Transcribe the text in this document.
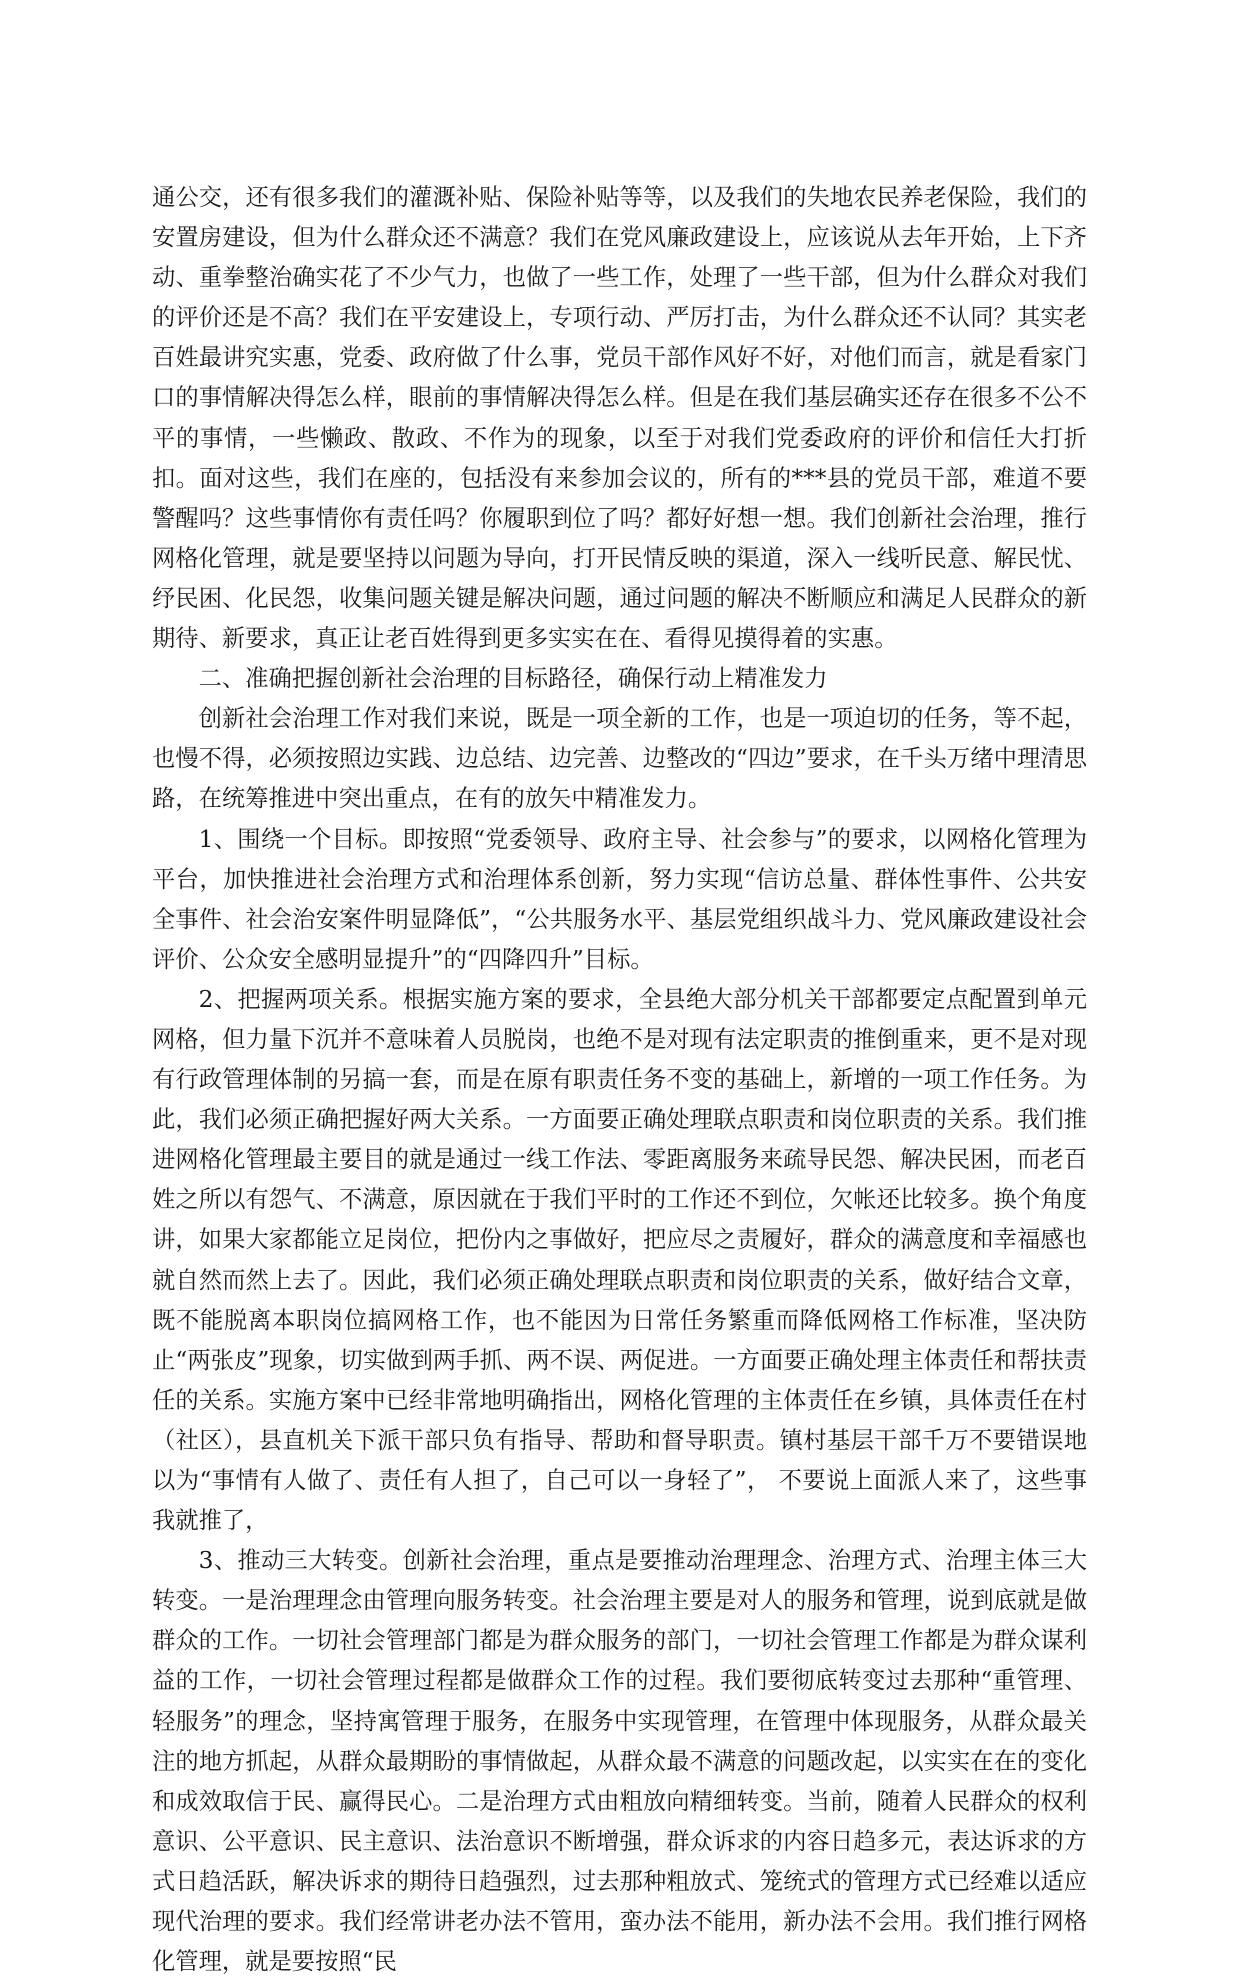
通公交，还有很多我们的灌溉补贴、保险补贴等等，以及我们的失地农民养老保险，我们的安置房建设，但为什么群众还不满意？我们在党风廉政建设上，应该说从去年开始，上下齐动、重拳整治确实花了不少气力，也做了一些工作，处理了一些干部，但为什么群众对我们的评价还是不高？我们在平安建设上，专项行动、严厉打击，为什么群众还不认同？其实老百姓最讲究实惠，党委、政府做了什么事，党员干部作风好不好，对他们而言，就是看家门口的事情解决得怎么样，眼前的事情解决得怎么样。但是在我们基层确实还存在很多不公不平的事情，一些懒政、散政、不作为的现象，以至于对我们党委政府的评价和信任大打折扣。面对这些，我们在座的，包括没有来参加会议的，所有的***县的党员干部，难道不要警醒吗？这些事情你有责任吗？你履职到位了吗？都好好想一想。我们创新社会治理，推行网格化管理，就是要坚持以问题为导向，打开民情反映的渠道，深入一线听民意、解民忧、纾民困、化民怨，收集问题关键是解决问题，通过问题的解决不断顺应和满足人民群众的新期待、新要求，真正让老百姓得到更多实实在在、看得见摸得着的实惠。

二、准确把握创新社会治理的目标路径，确保行动上精准发力

创新社会治理工作对我们来说，既是一项全新的工作，也是一项迫切的任务，等不起，也慢不得，必须按照边实践、边总结、边完善、边整改的“四边”要求，在千头万绪中理清思路，在统筹推进中突出重点，在有的放矢中精准发力。

1、围绕一个目标。即按照“党委领导、政府主导、社会参与”的要求，以网格化管理为平台，加快推进社会治理方式和治理体系创新，努力实现“信访总量、群体性事件、公共安全事件、社会治安案件明显降低”，“公共服务水平、基层党组织战斗力、党风廉政建设社会评价、公众安全感明显提升”的“四降四升”目标。

2、把握两项关系。根据实施方案的要求，全县绝大部分机关干部都要定点配置到单元网格，但力量下沉并不意味着人员脱岗，也绝不是对现有法定职责的推倒重来，更不是对现有行政管理体制的另搞一套，而是在原有职责任务不变的基础上，新增的一项工作任务。为此，我们必须正确把握好两大关系。一方面要正确处理联点职责和岗位职责的关系。我们推进网格化管理最主要目的就是通过一线工作法、零距离服务来疏导民怨、解决民困，而老百姓之所以有怨气、不满意，原因就在于我们平时的工作还不到位，欠帐还比较多。换个角度讲，如果大家都能立足岗位，把份内之事做好，把应尽之责履好，群众的满意度和幸福感也就自然而然上去了。因此，我们必须正确处理联点职责和岗位职责的关系，做好结合文章，既不能脱离本职岗位搞网格工作，也不能因为日常任务繁重而降低网格工作标准，坚决防止“两张皮”现象，切实做到两手抓、两不误、两促进。一方面要正确处理主体责任和帮扶责任的关系。实施方案中已经非常地明确指出，网格化管理的主体责任在乡镇，具体责任在村（社区），县直机关下派干部只负有指导、帮助和督导职责。镇村基层干部千万不要错误地以为“事情有人做了、责任有人担了，自己可以一身轻了”， 不要说上面派人来了，这些事我就推了，

3、推动三大转变。创新社会治理，重点是要推动治理理念、治理方式、治理主体三大转变。一是治理理念由管理向服务转变。社会治理主要是对人的服务和管理，说到底就是做群众的工作。一切社会管理部门都是为群众服务的部门，一切社会管理工作都是为群众谋利益的工作，一切社会管理过程都是做群众工作的过程。我们要彻底转变过去那种“重管理、轻服务”的理念，坚持寓管理于服务，在服务中实现管理，在管理中体现服务，从群众最关注的地方抓起，从群众最期盼的事情做起，从群众最不满意的问题改起，以实实在在的变化和成效取信于民、赢得民心。二是治理方式由粗放向精细转变。当前，随着人民群众的权利意识、公平意识、民主意识、法治意识不断增强，群众诉求的内容日趋多元，表达诉求的方式日趋活跃，解决诉求的期待日趋强烈，过去那种粗放式、笼统式的管理方式已经难以适应现代治理的要求。我们经常讲老办法不管用，蛮办法不能用，新办法不会用。我们推行网格化管理，就是要按照“民
